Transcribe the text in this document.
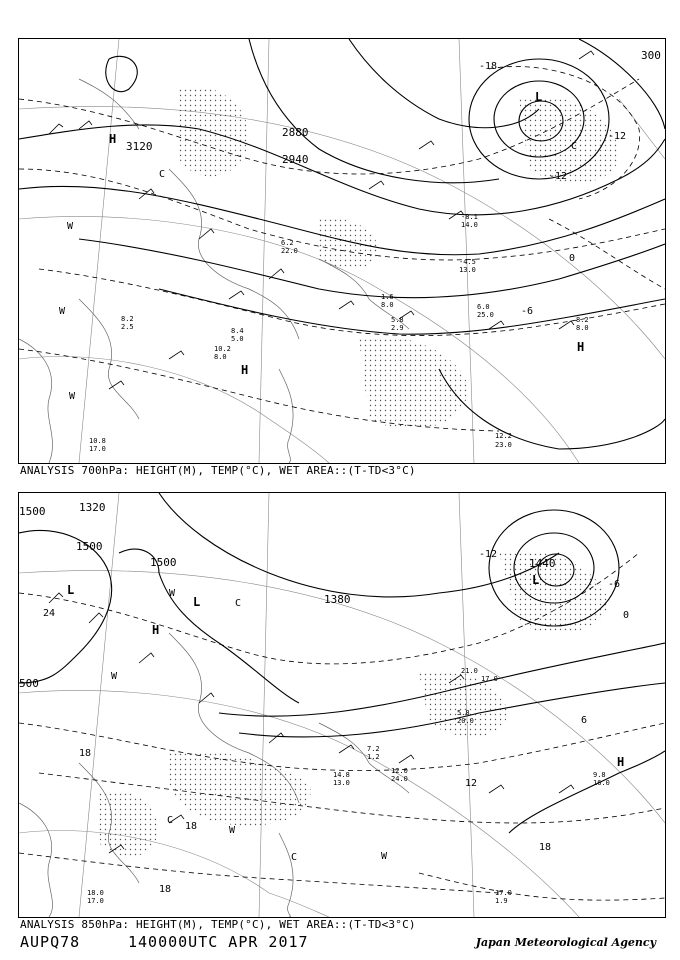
3120
300
2880
2940
H
H
H
L
W
W
W
C
C
-18
-12
-6
0
-12
12.2
23.0
10.8
17.0
10.2
8.0
8.2
2.5
6.0
25.0
5.8
2.9
8.2
8.0
-4.5
13.0
-8.1
14.0
6.2
22.0
1.6
8.0
8.4
5.0
ANALYSIS 700hPa: HEIGHT(M), TEMP(°C), WET AREA::(T-TD<3°C)
1500
1500
1500
1380
1440
500
1320
H
H
L
L
L
W
W
W
W
C
C
C
12
18
18
18
18
6
0
-6
-12
24
17.0
1.9
18.0
17.0
12.0
24.0
7.2
1.2
14.8
13.0
5.8
20.0
9.8
16.0
21.0
17.0
ANALYSIS 850hPa: HEIGHT(M), TEMP(°C), WET AREA::(T-TD<3°C)
AUPQ78	140000UTC APR 2017	Japan Meteorological Agency
